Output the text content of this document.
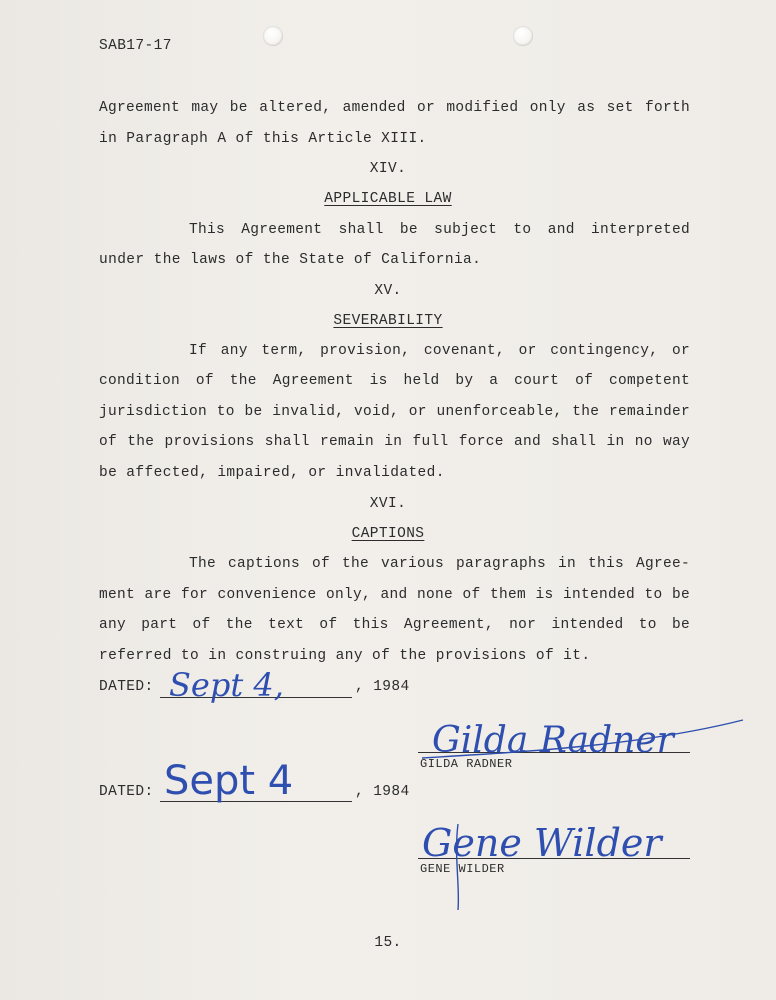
SAB17-17
Agreement may be altered, amended or modified only as set forth
in Paragraph A of this Article XIII.
XIV.
APPLICABLE LAW
This Agreement shall be subject to and interpreted
under the laws of the State of California.
XV.
SEVERABILITY
If any term, provision, covenant, or contingency, or
condition of the Agreement is held by a court of competent
jurisdiction to be invalid, void, or unenforceable, the remainder
of the provisions shall remain in full force and shall in no way
be affected, impaired, or invalidated.
XVI.
CAPTIONS
The captions of the various paragraphs in this Agree-
ment are for convenience only, and none of them is intended to be
any part of the text of this Agreement, nor intended to be
referred to in construing any of the provisions of it.
DATED:	, 1984
Sept 4,
Gilda Radner
GILDA RADNER
DATED:	, 1984
Sept 4
Gene Wilder
GENE WILDER
15.
